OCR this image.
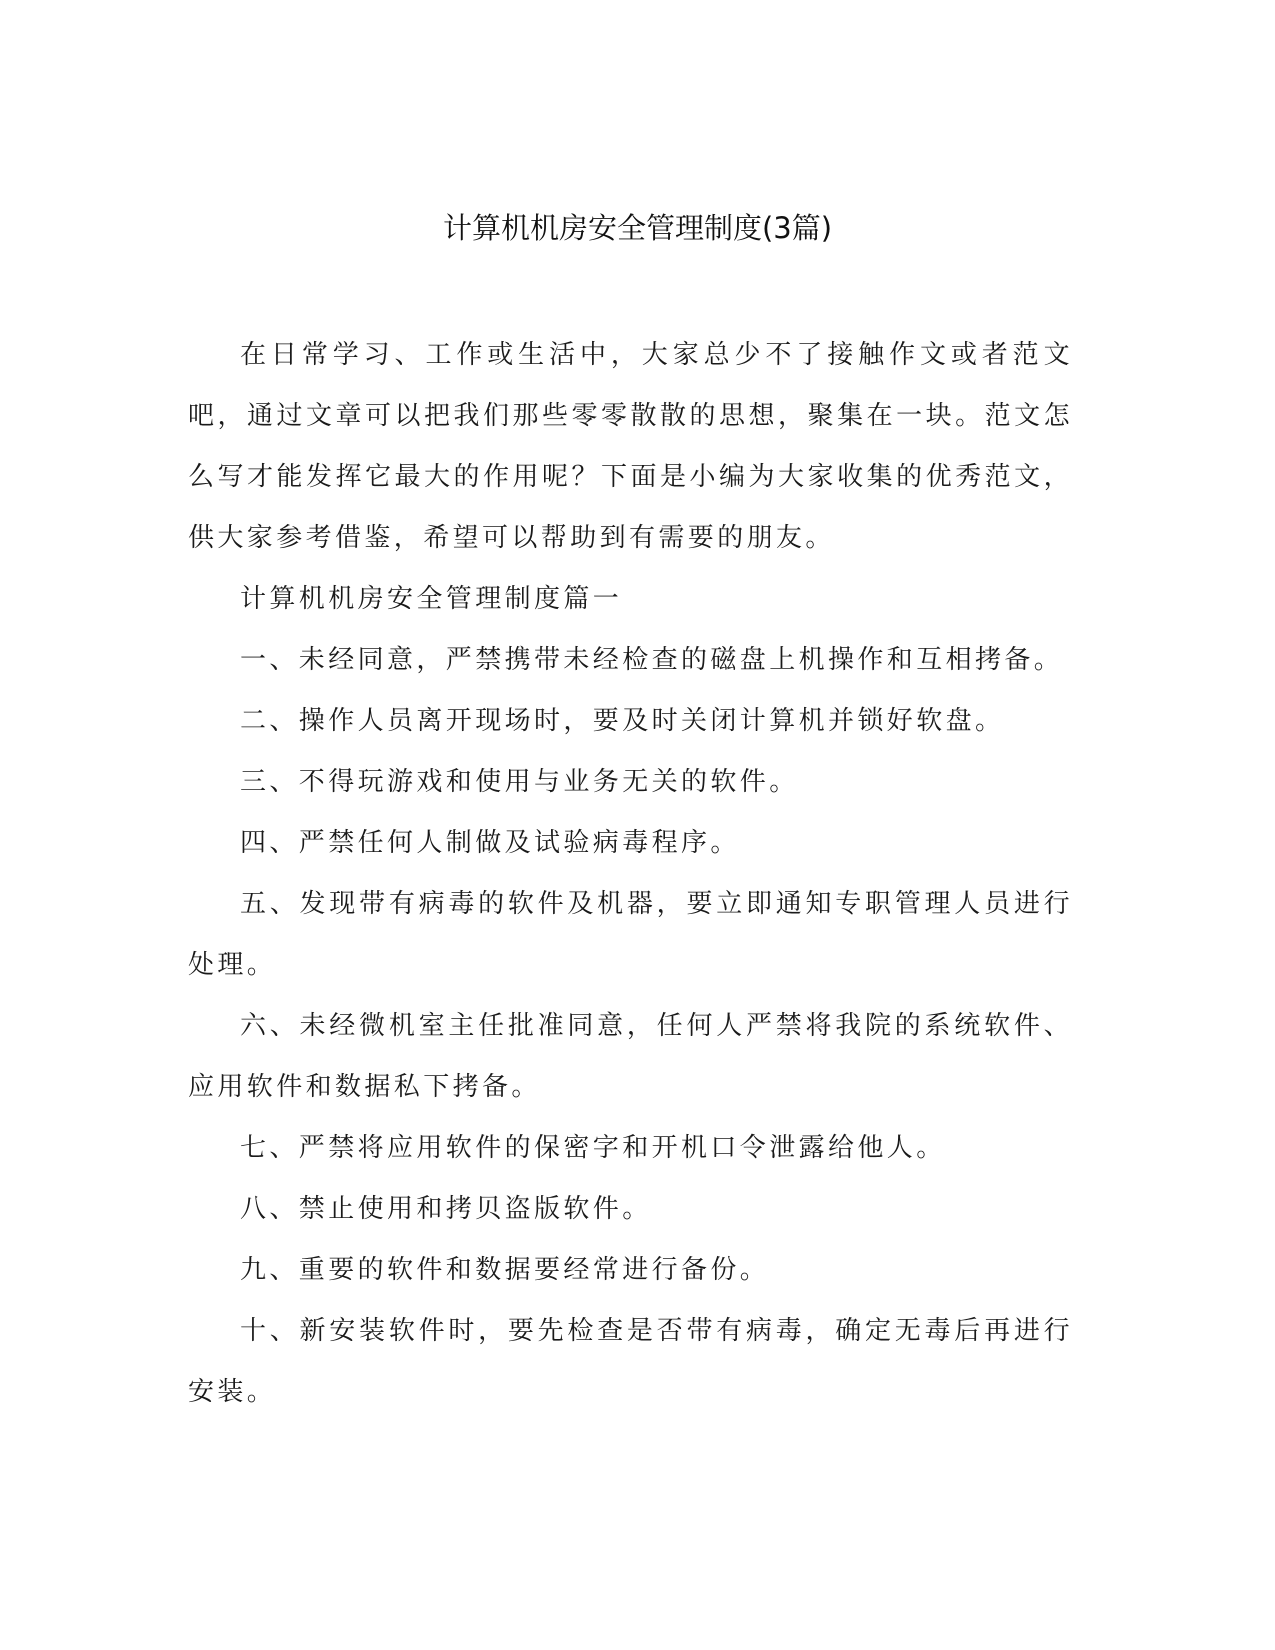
计算机机房安全管理制度(3篇)

在日常学习、工作或生活中，大家总少不了接触作文或者范文吧，通过文章可以把我们那些零零散散的思想，聚集在一块。范文怎么写才能发挥它最大的作用呢？下面是小编为大家收集的优秀范文，供大家参考借鉴，希望可以帮助到有需要的朋友。

计算机机房安全管理制度篇一

一、未经同意，严禁携带未经检查的磁盘上机操作和互相拷备。

二、操作人员离开现场时，要及时关闭计算机并锁好软盘。

三、不得玩游戏和使用与业务无关的软件。

四、严禁任何人制做及试验病毒程序。

五、发现带有病毒的软件及机器，要立即通知专职管理人员进行处理。

六、未经微机室主任批准同意，任何人严禁将我院的系统软件、应用软件和数据私下拷备。

七、严禁将应用软件的保密字和开机口令泄露给他人。

八、禁止使用和拷贝盗版软件。

九、重要的软件和数据要经常进行备份。

十、新安装软件时，要先检查是否带有病毒，确定无毒后再进行安装。
